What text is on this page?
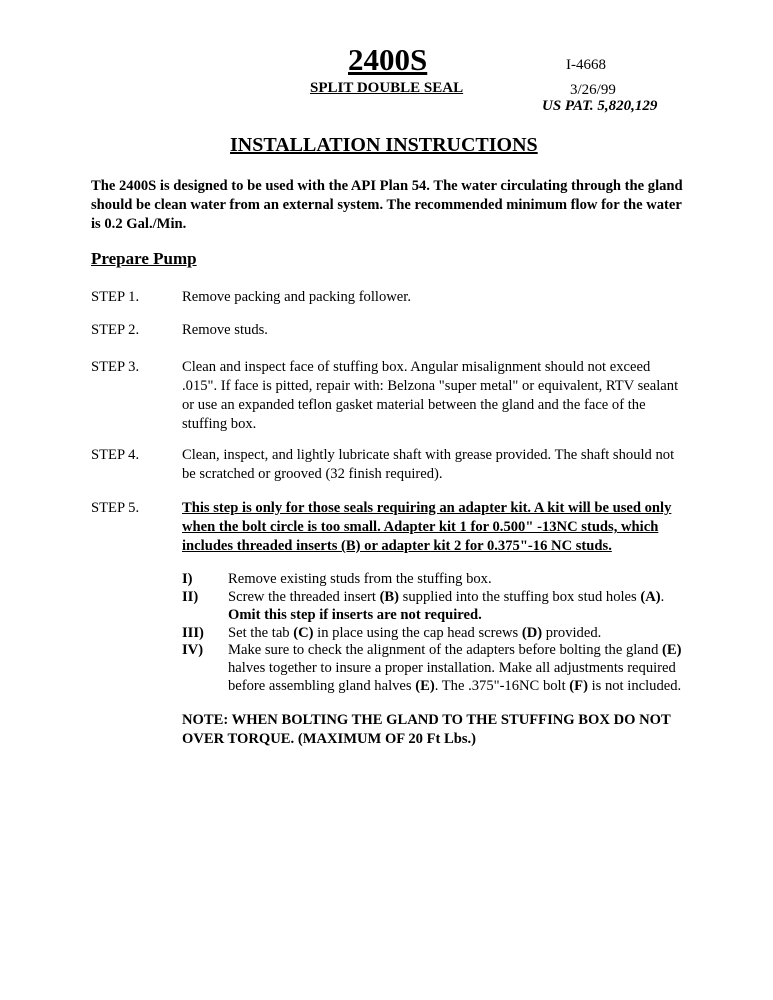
2400S
SPLIT DOUBLE SEAL
I-4668
3/26/99
US PAT. 5,820,129
INSTALLATION INSTRUCTIONS
The 2400S is designed to be used with the API Plan 54. The water circulating through the gland should be clean water from an external system. The recommended minimum flow for the water is 0.2 Gal./Min.
Prepare Pump
STEP 1.	Remove packing and packing follower.
STEP 2.	Remove studs.
STEP 3.	Clean and inspect face of stuffing box. Angular misalignment should not exceed .015". If face is pitted, repair with: Belzona "super metal" or equivalent, RTV sealant or use an expanded teflon gasket material between the gland and the face of the stuffing box.
STEP 4.	Clean, inspect, and lightly lubricate shaft with grease provided. The shaft should not be scratched or grooved (32 finish required).
STEP 5.	This step is only for those seals requiring an adapter kit. A kit will be used only when the bolt circle is too small. Adapter kit 1 for 0.500" -13NC studs, which includes threaded inserts (B) or adapter kit 2 for 0.375"-16 NC studs.
I) Remove existing studs from the stuffing box.
II) Screw the threaded insert (B) supplied into the stuffing box stud holes (A). Omit this step if inserts are not required.
III) Set the tab (C) in place using the cap head screws (D) provided.
IV) Make sure to check the alignment of the adapters before bolting the gland (E) halves together to insure a proper installation. Make all adjustments required before assembling gland halves (E). The .375"-16NC bolt (F) is not included.
NOTE: WHEN BOLTING THE GLAND TO THE STUFFING BOX DO NOT OVER TORQUE. (MAXIMUM OF 20 Ft Lbs.)
